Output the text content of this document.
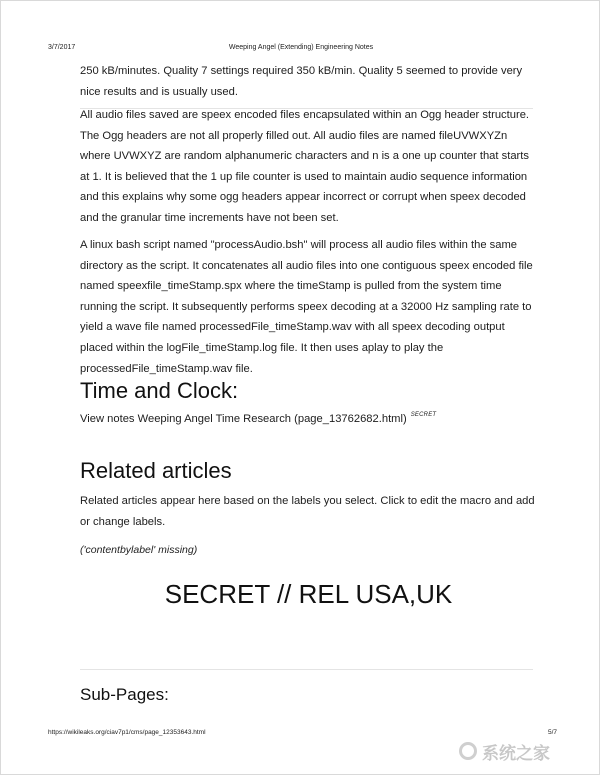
3/7/2017	Weeping Angel (Extending) Engineering Notes

250 kB/minutes. Quality 7 settings required 350 kB/min. Quality 5 seemed to provide very nice results and is usually used.

All audio files saved are speex encoded files encapsulated within an Ogg header structure. The Ogg headers are not all properly filled out. All audio files are named fileUVWXYZn where UVWXYZ are random alphanumeric characters and n is a one up counter that starts at 1. It is believed that the 1 up file counter is used to maintain audio sequence information and this explains why some ogg headers appear incorrect or corrupt when speex decoded and the granular time increments have not been set.

A linux bash script named "processAudio.bsh" will process all audio files within the same directory as the script. It concatenates all audio files into one contiguous speex encoded file named speexfile_timeStamp.spx where the timeStamp is pulled from the system time running the script. It subsequently performs speex decoding at a 32000 Hz sampling rate to yield a wave file named processedFile_timeStamp.wav with all speex decoding output placed within the logFile_timeStamp.log file. It then uses aplay to play the processedFile_timeStamp.wav file.

Time and Clock:
View notes Weeping Angel Time Research (page_13762682.html) $^{SECRET}$
Related articles

Related articles appear here based on the labels you select. Click to edit the macro and add or change labels.

('contentbylabel' missing)
SECRET // REL USA,UK
Sub-Pages:
https://wikileaks.org/ciav7p1/cms/page_12353643.html	5/7
系统之家
